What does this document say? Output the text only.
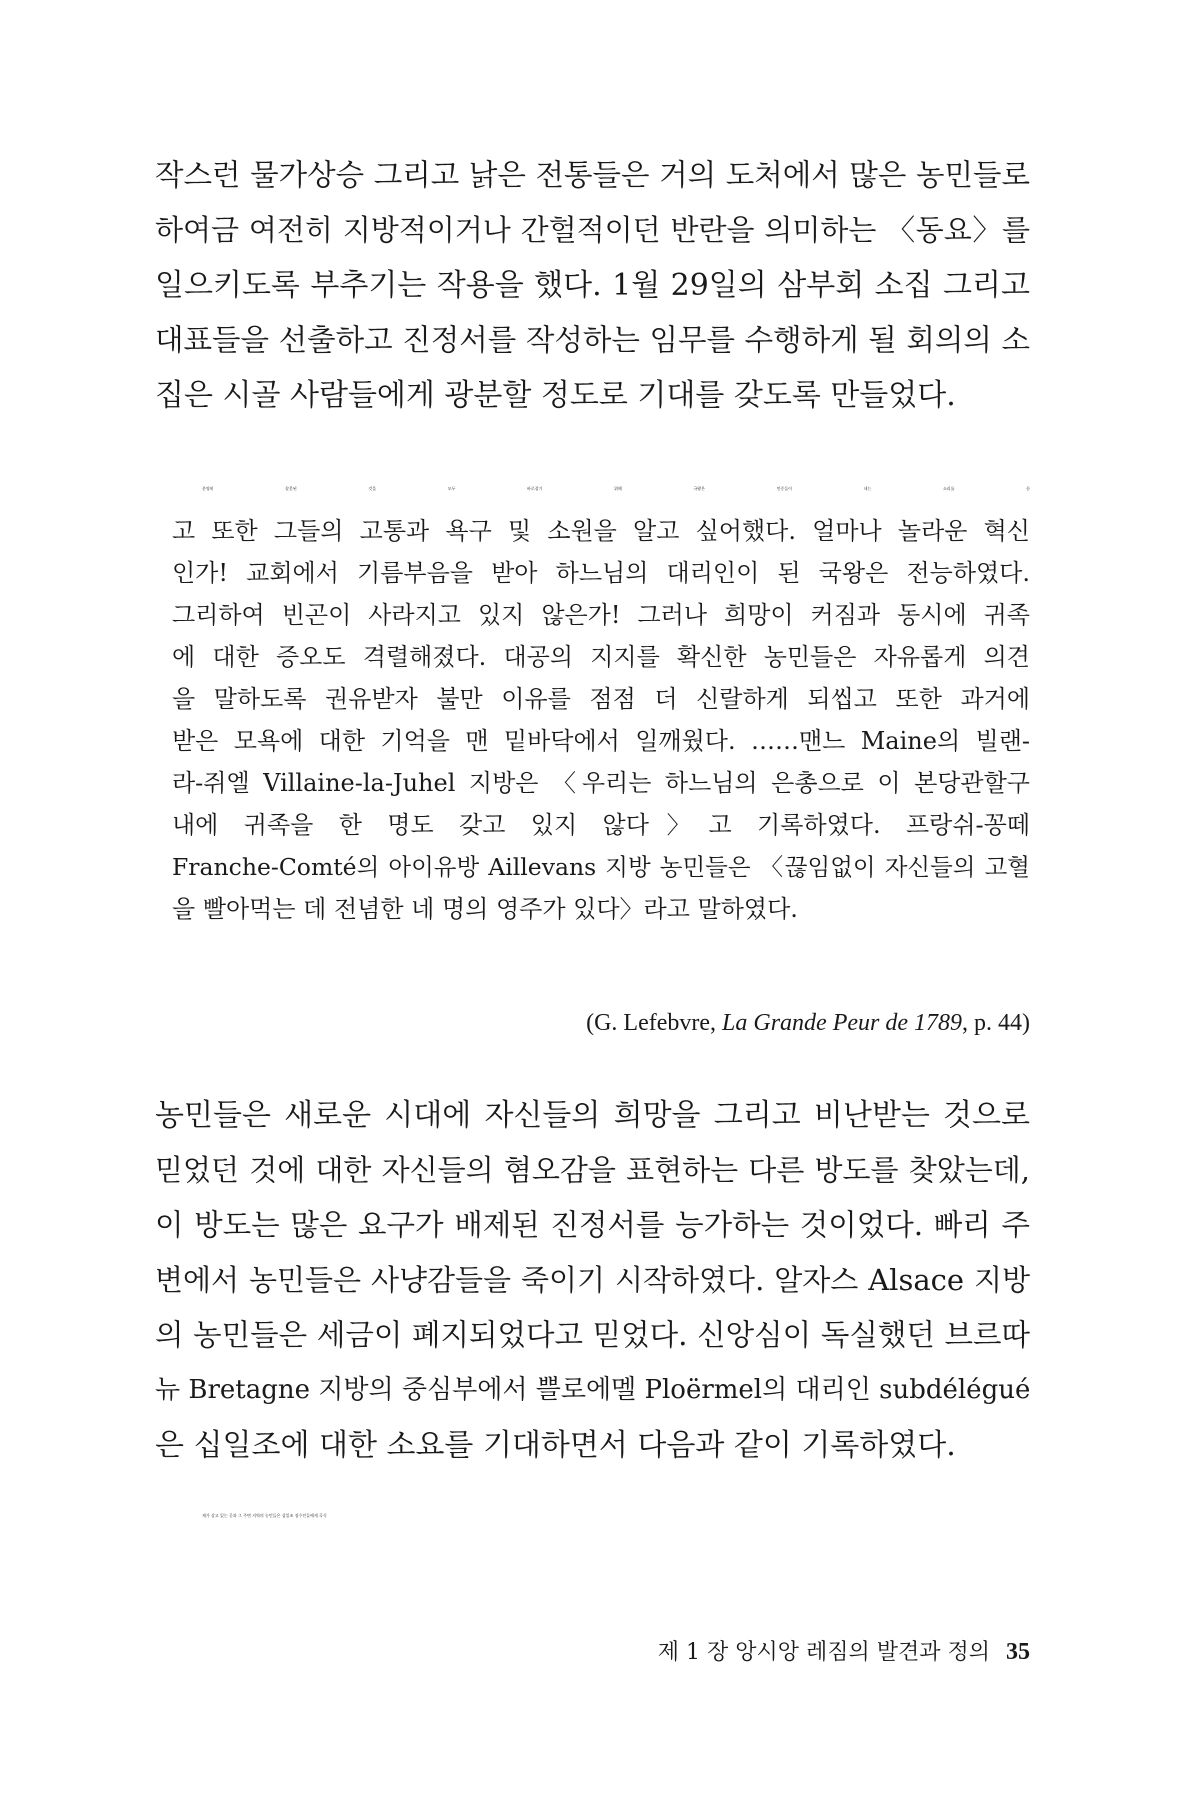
작스런 물가상승 그리고 낡은 전통들은 거의 도처에서 많은 농민들로
하여금 여전히 지방적이거나 간헐적이던 반란을 의미하는 〈동요〉를
일으키도록 부추기는 작용을 했다. 1월 29일의 삼부회 소집 그리고
대표들을 선출하고 진정서를 작성하는 임무를 수행하게 될 회의의 소
집은 시골 사람들에게 광분할 정도로 기대를 갖도록 만들었다.
분명히 잘못된 것을 모두 바로잡기 위해 국왕은 민중들이 내는 소리를 듣
고 또한 그들의 고통과 욕구 및 소원을 알고 싶어했다. 얼마나 놀라운 혁신
인가! 교회에서 기름부음을 받아 하느님의 대리인이 된 국왕은 전능하였다.
그리하여 빈곤이 사라지고 있지 않은가! 그러나 희망이 커짐과 동시에 귀족
에 대한 증오도 격렬해졌다. 대공의 지지를 확신한 농민들은 자유롭게 의견
을 말하도록 권유받자 불만 이유를 점점 더 신랄하게 되씹고 또한 과거에
받은 모욕에 대한 기억을 맨 밑바닥에서 일깨웠다. ……맨느 Maine의 빌랜-
라-쥐엘 Villaine-la-Juhel 지방은 〈우리는 하느님의 은총으로 이 본당관할구
내에 귀족을 한 명도 갖고 있지 않다〉고 기록하였다. 프랑쉬-꽁떼
Franche-Comté의 아이유방 Aillevans 지방 농민들은 〈끊임없이 자신들의 고혈
을 빨아먹는 데 전념한 네 명의 영주가 있다〉라고 말하였다.
(G. Lefebvre, La Grande Peur de 1789, p. 44)
농민들은 새로운 시대에 자신들의 희망을 그리고 비난받는 것으로
믿었던 것에 대한 자신들의 혐오감을 표현하는 다른 방도를 찾았는데,
이 방도는 많은 요구가 배제된 진정서를 능가하는 것이었다. 빠리 주
변에서 농민들은 사냥감들을 죽이기 시작하였다. 알자스 Alsace 지방
의 농민들은 세금이 폐지되었다고 믿었다. 신앙심이 독실했던 브르따
뉴 Bretagne 지방의 중심부에서 쁠로에멜 Ploërmel의 대리인 subdélégué
은 십일조에 대한 소요를 기대하면서 다음과 같이 기록하였다.
제가 살고 있는 곳과 그 주변 지역의 농민들은 십일조 징수인들에게 곡식
제 1 장 앙시앙 레짐의 발견과 정의 35
